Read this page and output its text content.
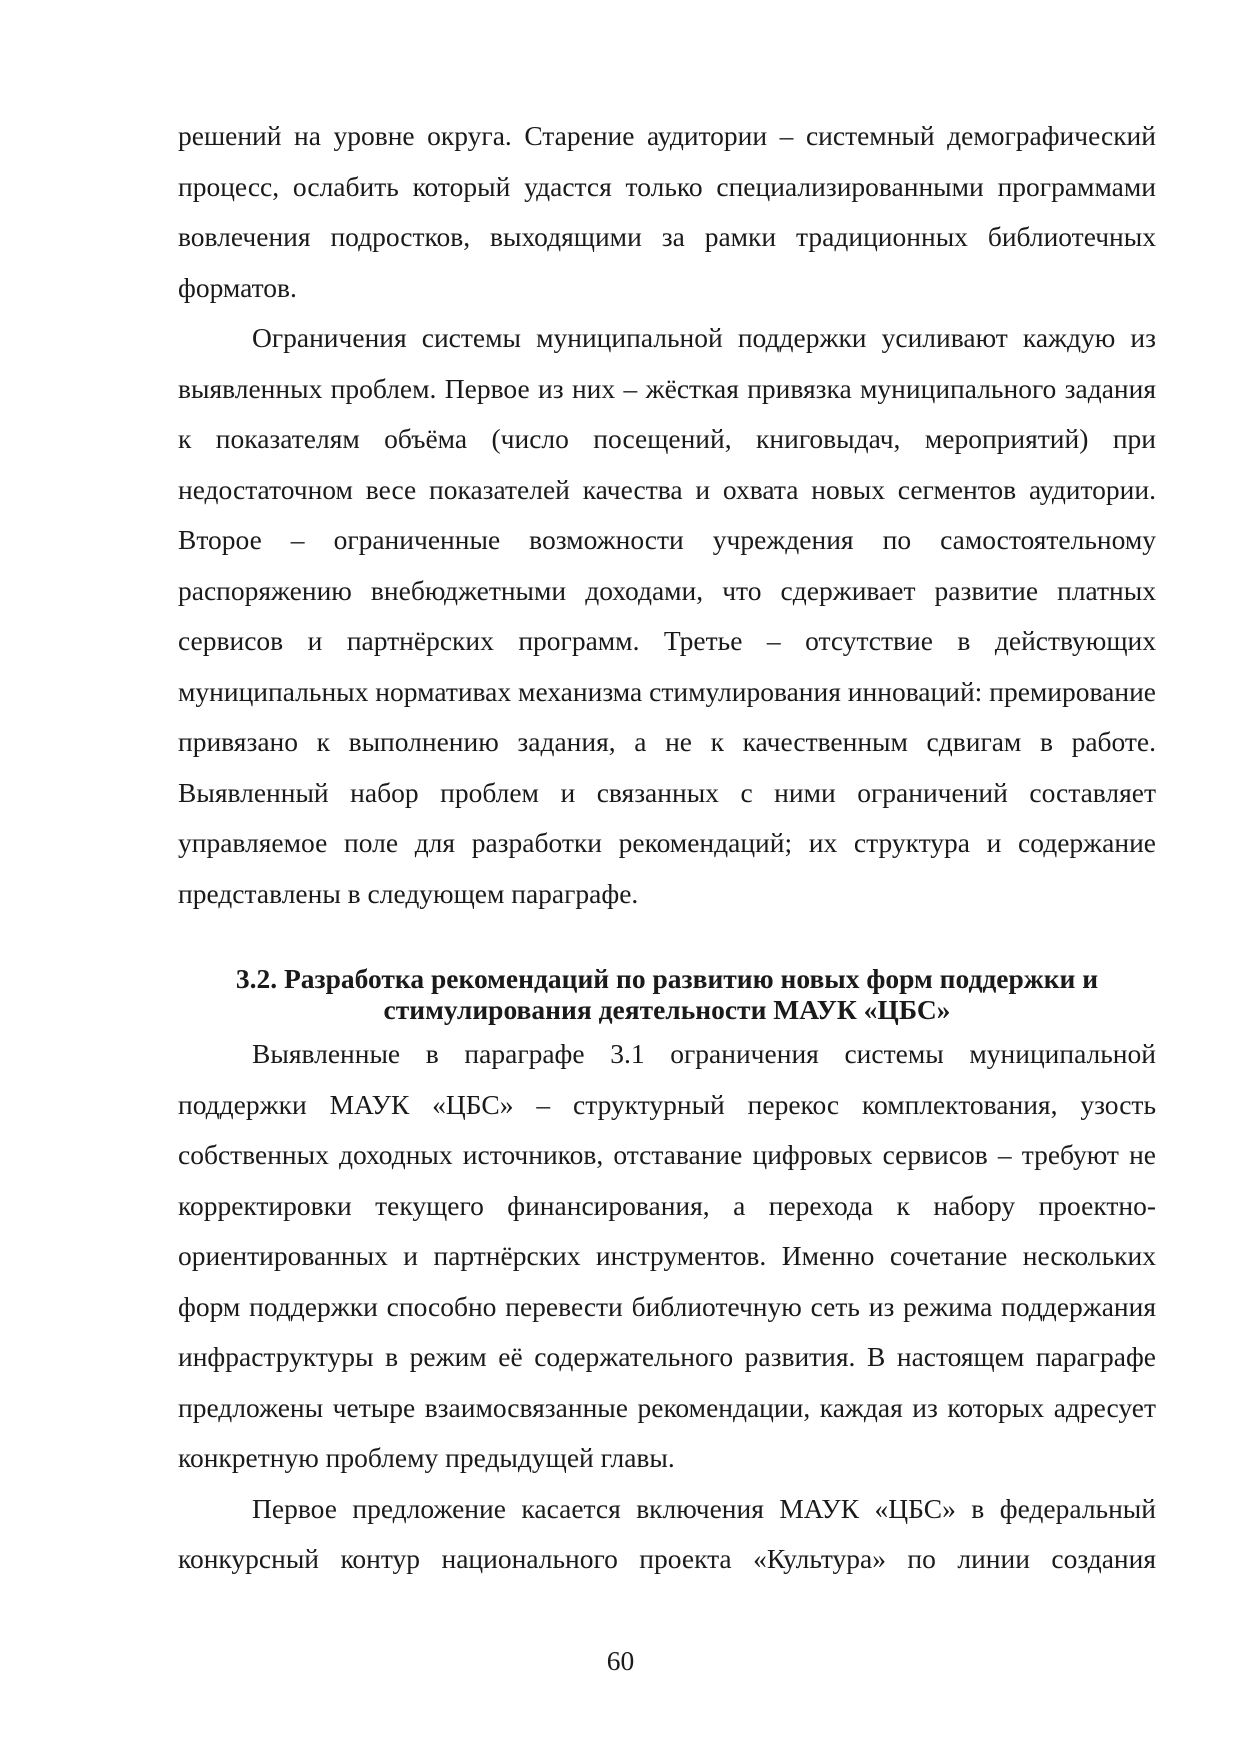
решений на уровне округа. Старение аудитории – системный демографический процесс, ослабить который удастся только специализированными программами вовлечения подростков, выходящими за рамки традиционных библиотечных форматов.

Ограничения системы муниципальной поддержки усиливают каждую из выявленных проблем. Первое из них – жёсткая привязка муниципального задания к показателям объёма (число посещений, книговыдач, мероприятий) при недостаточном весе показателей качества и охвата новых сегментов аудитории. Второе – ограниченные возможности учреждения по самостоятельному распоряжению внебюджетными доходами, что сдерживает развитие платных сервисов и партнёрских программ. Третье – отсутствие в действующих муниципальных нормативах механизма стимулирования инноваций: премирование привязано к выполнению задания, а не к качественным сдвигам в работе. Выявленный набор проблем и связанных с ними ограничений составляет управляемое поле для разработки рекомендаций; их структура и содержание представлены в следующем параграфе.

3.2. Разработка рекомендаций по развитию новых форм поддержки и
стимулирования деятельности МАУК «ЦБС»

Выявленные в параграфе 3.1 ограничения системы муниципальной поддержки МАУК «ЦБС» – структурный перекос комплектования, узость собственных доходных источников, отставание цифровых сервисов – требуют не корректировки текущего финансирования, а перехода к набору проектно-ориентированных и партнёрских инструментов. Именно сочетание нескольких форм поддержки способно перевести библиотечную сеть из режима поддержания инфраструктуры в режим её содержательного развития. В настоящем параграфе предложены четыре взаимосвязанные рекомендации, каждая из которых адресует конкретную проблему предыдущей главы.

Первое предложение касается включения МАУК «ЦБС» в федеральный конкурсный контур национального проекта «Культура» по линии создания

60
